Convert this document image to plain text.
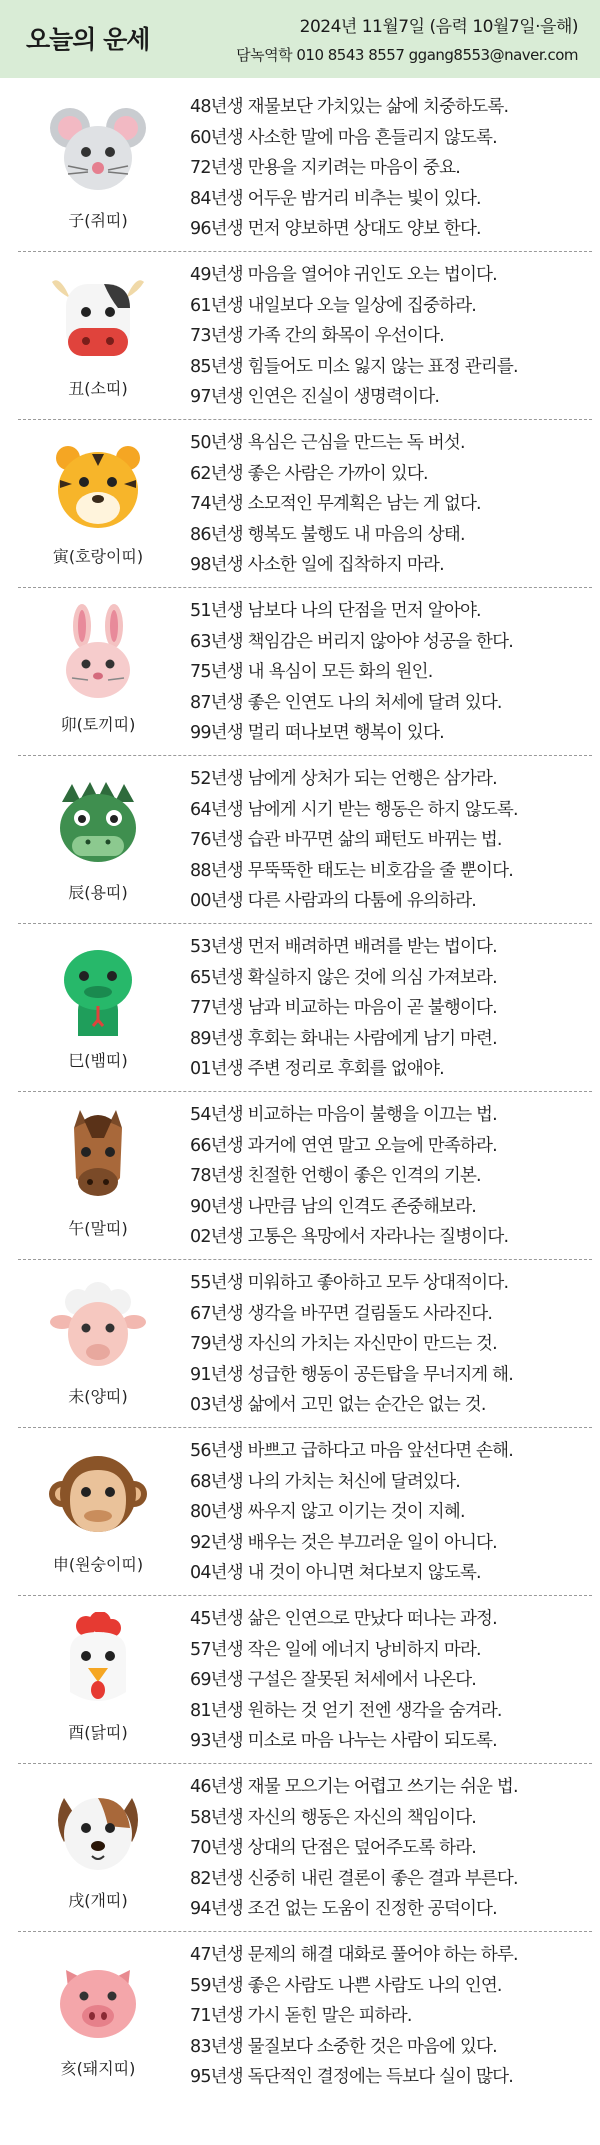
오늘의 운세	2024년 11월7일 (음력 10월7일·을해)
담녹역학 010 8543 8557 ggang8553@naver.com
子(쥐띠)
48년생 재물보단 가치있는 삶에 치중하도록.
60년생 사소한 말에 마음 흔들리지 않도록.
72년생 만용을 지키려는 마음이 중요.
84년생 어두운 밤거리 비추는 빛이 있다.
96년생 먼저 양보하면 상대도 양보 한다.
丑(소띠)
49년생 마음을 열어야 귀인도 오는 법이다.
61년생 내일보다 오늘 일상에 집중하라.
73년생 가족 간의 화목이 우선이다.
85년생 힘들어도 미소 잃지 않는 표정 관리를.
97년생 인연은 진실이 생명력이다.
寅(호랑이띠)
50년생 욕심은 근심을 만드는 독 버섯.
62년생 좋은 사람은 가까이 있다.
74년생 소모적인 무계획은 남는 게 없다.
86년생 행복도 불행도 내 마음의 상태.
98년생 사소한 일에 집착하지 마라.
卯(토끼띠)
51년생 남보다 나의 단점을 먼저 알아야.
63년생 책임감은 버리지 않아야 성공을 한다.
75년생 내 욕심이 모든 화의 원인.
87년생 좋은 인연도 나의 처세에 달려 있다.
99년생 멀리 떠나보면 행복이 있다.
辰(용띠)
52년생 남에게 상처가 되는 언행은 삼가라.
64년생 남에게 시기 받는 행동은 하지 않도록.
76년생 습관 바꾸면 삶의 패턴도 바뀌는 법.
88년생 무뚝뚝한 태도는 비호감을 줄 뿐이다.
00년생 다른 사람과의 다툼에 유의하라.
巳(뱀띠)
53년생 먼저 배려하면 배려를 받는 법이다.
65년생 확실하지 않은 것에 의심 가져보라.
77년생 남과 비교하는 마음이 곧 불행이다.
89년생 후회는 화내는 사람에게 남기 마련.
01년생 주변 정리로 후회를 없애야.
午(말띠)
54년생 비교하는 마음이 불행을 이끄는 법.
66년생 과거에 연연 말고 오늘에 만족하라.
78년생 친절한 언행이 좋은 인격의 기본.
90년생 나만큼 남의 인격도 존중해보라.
02년생 고통은 욕망에서 자라나는 질병이다.
未(양띠)
55년생 미워하고 좋아하고 모두 상대적이다.
67년생 생각을 바꾸면 걸림돌도 사라진다.
79년생 자신의 가치는 자신만이 만드는 것.
91년생 성급한 행동이 공든탑을 무너지게 해.
03년생 삶에서 고민 없는 순간은 없는 것.
申(원숭이띠)
56년생 바쁘고 급하다고 마음 앞선다면 손해.
68년생 나의 가치는 처신에 달려있다.
80년생 싸우지 않고 이기는 것이 지혜.
92년생 배우는 것은 부끄러운 일이 아니다.
04년생 내 것이 아니면 쳐다보지 않도록.
酉(닭띠)
45년생 삶은 인연으로 만났다 떠나는 과정.
57년생 작은 일에 에너지 낭비하지 마라.
69년생 구설은 잘못된 처세에서 나온다.
81년생 원하는 것 얻기 전엔 생각을 숨겨라.
93년생 미소로 마음 나누는 사람이 되도록.
戌(개띠)
46년생 재물 모으기는 어렵고 쓰기는 쉬운 법.
58년생 자신의 행동은 자신의 책임이다.
70년생 상대의 단점은 덮어주도록 하라.
82년생 신중히 내린 결론이 좋은 결과 부른다.
94년생 조건 없는 도움이 진정한 공덕이다.
亥(돼지띠)
47년생 문제의 해결 대화로 풀어야 하는 하루.
59년생 좋은 사람도 나쁜 사람도 나의 인연.
71년생 가시 돋힌 말은 피하라.
83년생 물질보다 소중한 것은 마음에 있다.
95년생 독단적인 결정에는 득보다 실이 많다.
